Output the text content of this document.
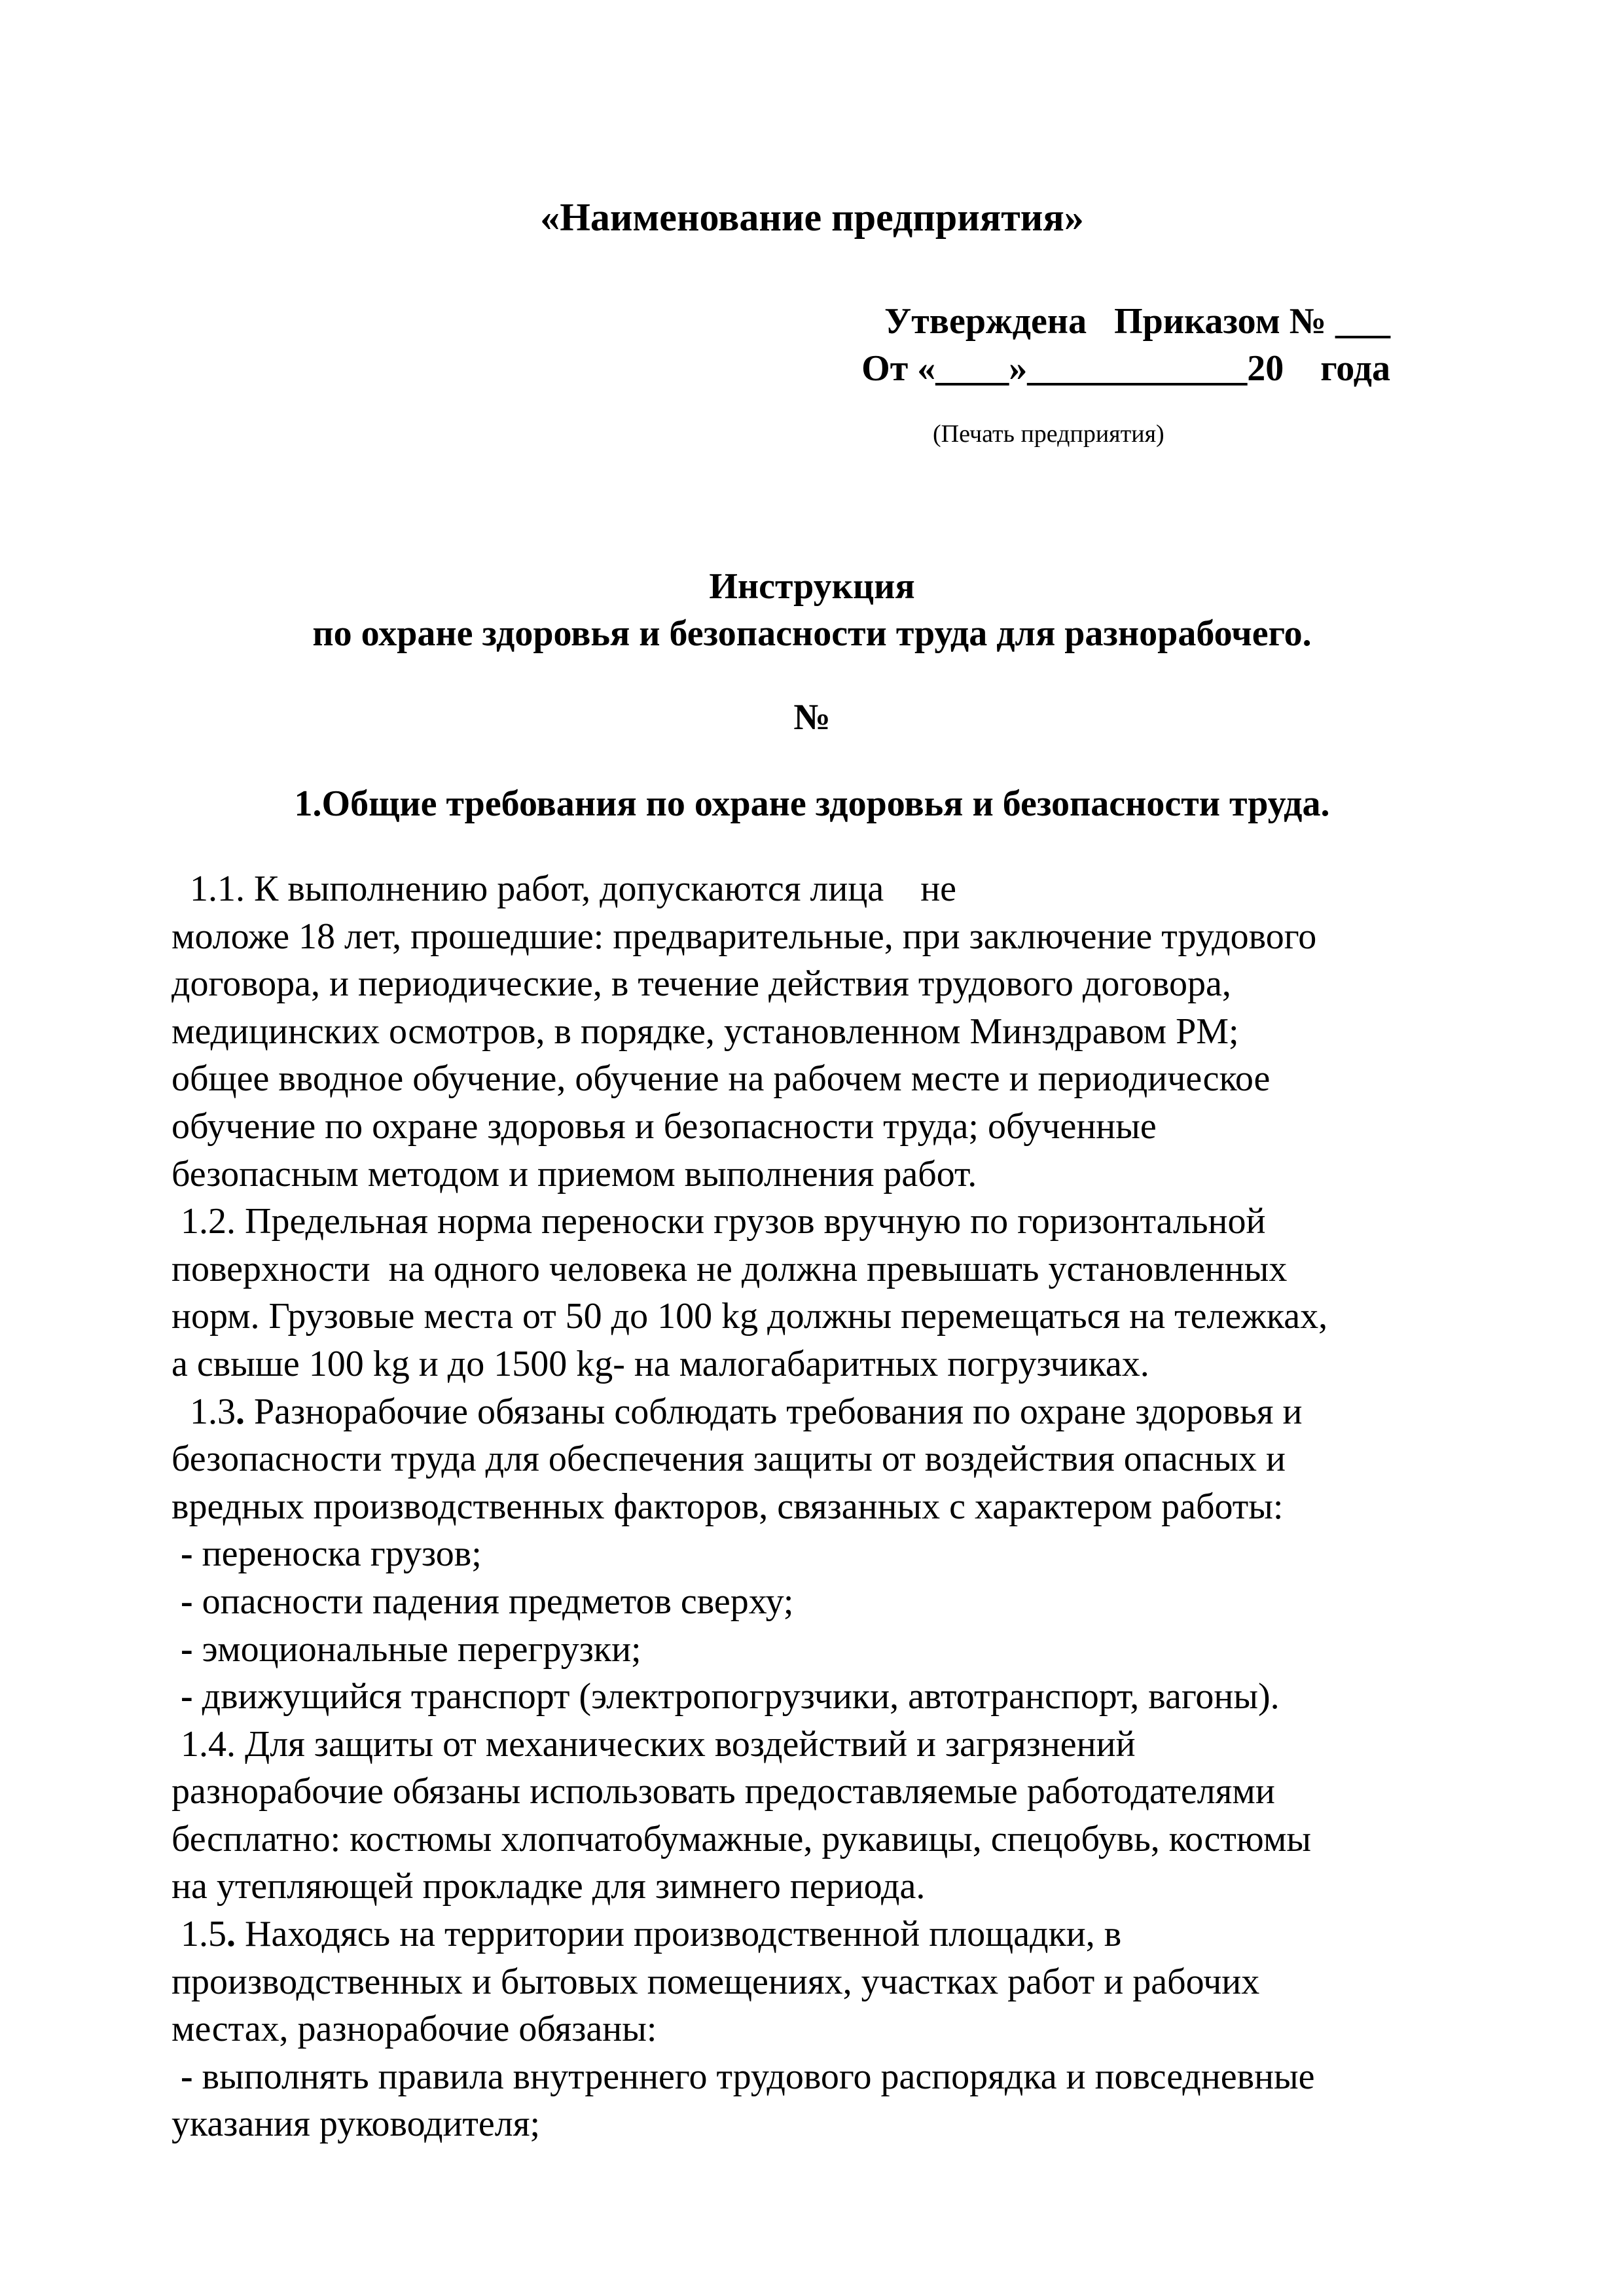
«Наименование предприятия»
Утверждена   Приказом № ___
От «____»____________20    года
(Печать предприятия)
Инструкция
по охране здоровья и безопасности труда для разнорабочего.
№
1.Общие требования по охране здоровья и безопасности труда.
1.1. К выполнению работ, допускаются лица    не
моложе 18 лет, прошедшие: предварительные, при заключение трудового
договора, и периодические, в течение действия трудового договора,
медицинских осмотров, в порядке, установленном Минздравом РМ;
общее вводное обучение, обучение на рабочем месте и периодическое
обучение по охране здоровья и безопасности труда; обученные
безопасным методом и приемом выполнения работ.
1.2. Предельная норма переноски грузов вручную по горизонтальной
поверхности  на одного человека не должна превышать установленных
норм. Грузовые места от 50 до 100 kg должны перемещаться на тележках,
а свыше 100 kg и до 1500 kg- на малогабаритных погрузчиках.
1.3. Разнорабочие обязаны соблюдать требования по охране здоровья и
безопасности труда для обеспечения защиты от воздействия опасных и
вредных производственных факторов, связанных с характером работы:
- переноска грузов;
- опасности падения предметов сверху;
- эмоциональные перегрузки;
- движущийся транспорт (электропогрузчики, автотранспорт, вагоны).
1.4. Для защиты от механических воздействий и загрязнений
разнорабочие обязаны использовать предоставляемые работодателями
бесплатно: костюмы хлопчатобумажные, рукавицы, спецобувь, костюмы
на утепляющей прокладке для зимнего периода.
1.5. Находясь на территории производственной площадки, в
производственных и бытовых помещениях, участках работ и рабочих
местах, разнорабочие обязаны:
- выполнять правила внутреннего трудового распорядка и повседневные
указания руководителя;
